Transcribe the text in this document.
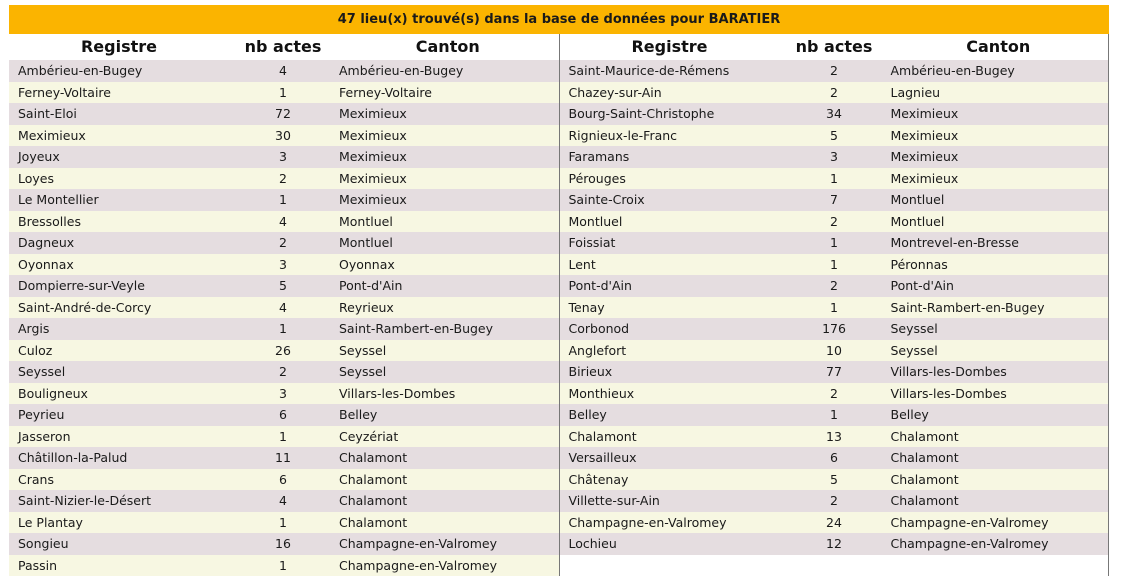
47 lieu(x) trouvé(s) dans la base de données pour BARATIER
Registre	nb actes	Canton
Ambérieu-en-Bugey	4	Ambérieu-en-Bugey
Ferney-Voltaire	1	Ferney-Voltaire
Saint-Eloi	72	Meximieux
Meximieux	30	Meximieux
Joyeux	3	Meximieux
Loyes	2	Meximieux
Le Montellier	1	Meximieux
Bressolles	4	Montluel
Dagneux	2	Montluel
Oyonnax	3	Oyonnax
Dompierre-sur-Veyle	5	Pont-d'Ain
Saint-André-de-Corcy	4	Reyrieux
Argis	1	Saint-Rambert-en-Bugey
Culoz	26	Seyssel
Seyssel	2	Seyssel
Bouligneux	3	Villars-les-Dombes
Peyrieu	6	Belley
Jasseron	1	Ceyzériat
Châtillon-la-Palud	11	Chalamont
Crans	6	Chalamont
Saint-Nizier-le-Désert	4	Chalamont
Le Plantay	1	Chalamont
Songieu	16	Champagne-en-Valromey
Passin	1	Champagne-en-Valromey
Registre	nb actes	Canton
Saint-Maurice-de-Rémens	2	Ambérieu-en-Bugey
Chazey-sur-Ain	2	Lagnieu
Bourg-Saint-Christophe	34	Meximieux
Rignieux-le-Franc	5	Meximieux
Faramans	3	Meximieux
Pérouges	1	Meximieux
Sainte-Croix	7	Montluel
Montluel	2	Montluel
Foissiat	1	Montrevel-en-Bresse
Lent	1	Péronnas
Pont-d'Ain	2	Pont-d'Ain
Tenay	1	Saint-Rambert-en-Bugey
Corbonod	176	Seyssel
Anglefort	10	Seyssel
Birieux	77	Villars-les-Dombes
Monthieux	2	Villars-les-Dombes
Belley	1	Belley
Chalamont	13	Chalamont
Versailleux	6	Chalamont
Châtenay	5	Chalamont
Villette-sur-Ain	2	Chalamont
Champagne-en-Valromey	24	Champagne-en-Valromey
Lochieu	12	Champagne-en-Valromey
